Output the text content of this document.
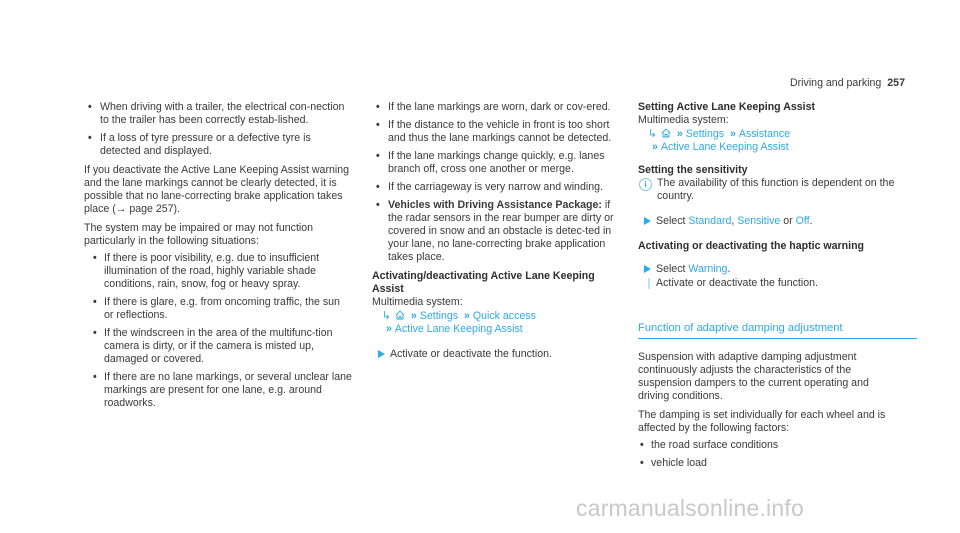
Driving and parking 257
• When driving with a trailer, the electrical con-nection to the trailer has been correctly estab-lished.
• If a loss of tyre pressure or a defective tyre is detected and displayed.

If you deactivate the Active Lane Keeping Assist warning and the lane markings cannot be clearly detected, it is possible that no lane-correcting brake application takes place (→ page 257).

The system may be impaired or may not function particularly in the following situations:

• If there is poor visibility, e.g. due to insufficient illumination of the road, highly variable shade conditions, rain, snow, fog or heavy spray.
• If there is glare, e.g. from oncoming traffic, the sun or reflections.
• If the windscreen in the area of the multifunc-tion camera is dirty, or if the camera is misted up, damaged or covered.
• If there are no lane markings, or several unclear lane markings are present for one lane, e.g. around roadworks.
• If the lane markings are worn, dark or cov-ered.
• If the distance to the vehicle in front is too short and thus the lane markings cannot be detected.
• If the lane markings change quickly, e.g. lanes branch off, cross one another or merge.
• If the carriageway is very narrow and winding.
• Vehicles with Driving Assistance Package: if the radar sensors in the rear bumper are dirty or covered in snow and an obstacle is detec-ted in your lane, no lane-correcting brake application takes place.

Activating/deactivating Active Lane Keeping Assist

Multimedia system:

↳ » Settings » Quick access
» Active Lane Keeping Assist
Activate or deactivate the function.

Setting Active Lane Keeping Assist

Multimedia system:

↳ » Settings » Assistance
» Active Lane Keeping Assist

Setting the sensitivity

i The availability of this function is dependent on the country.
Select Standard, Sensitive or Off.

Activating or deactivating the haptic warning

Select Warning.
Activate or deactivate the function.
Function of adaptive damping adjustment

Suspension with adaptive damping adjustment continuously adjusts the characteristics of the suspension dampers to the current operating and driving conditions.

The damping is set individually for each wheel and is affected by the following factors:

• the road surface conditions
• vehicle load
carmanualsonline.info
